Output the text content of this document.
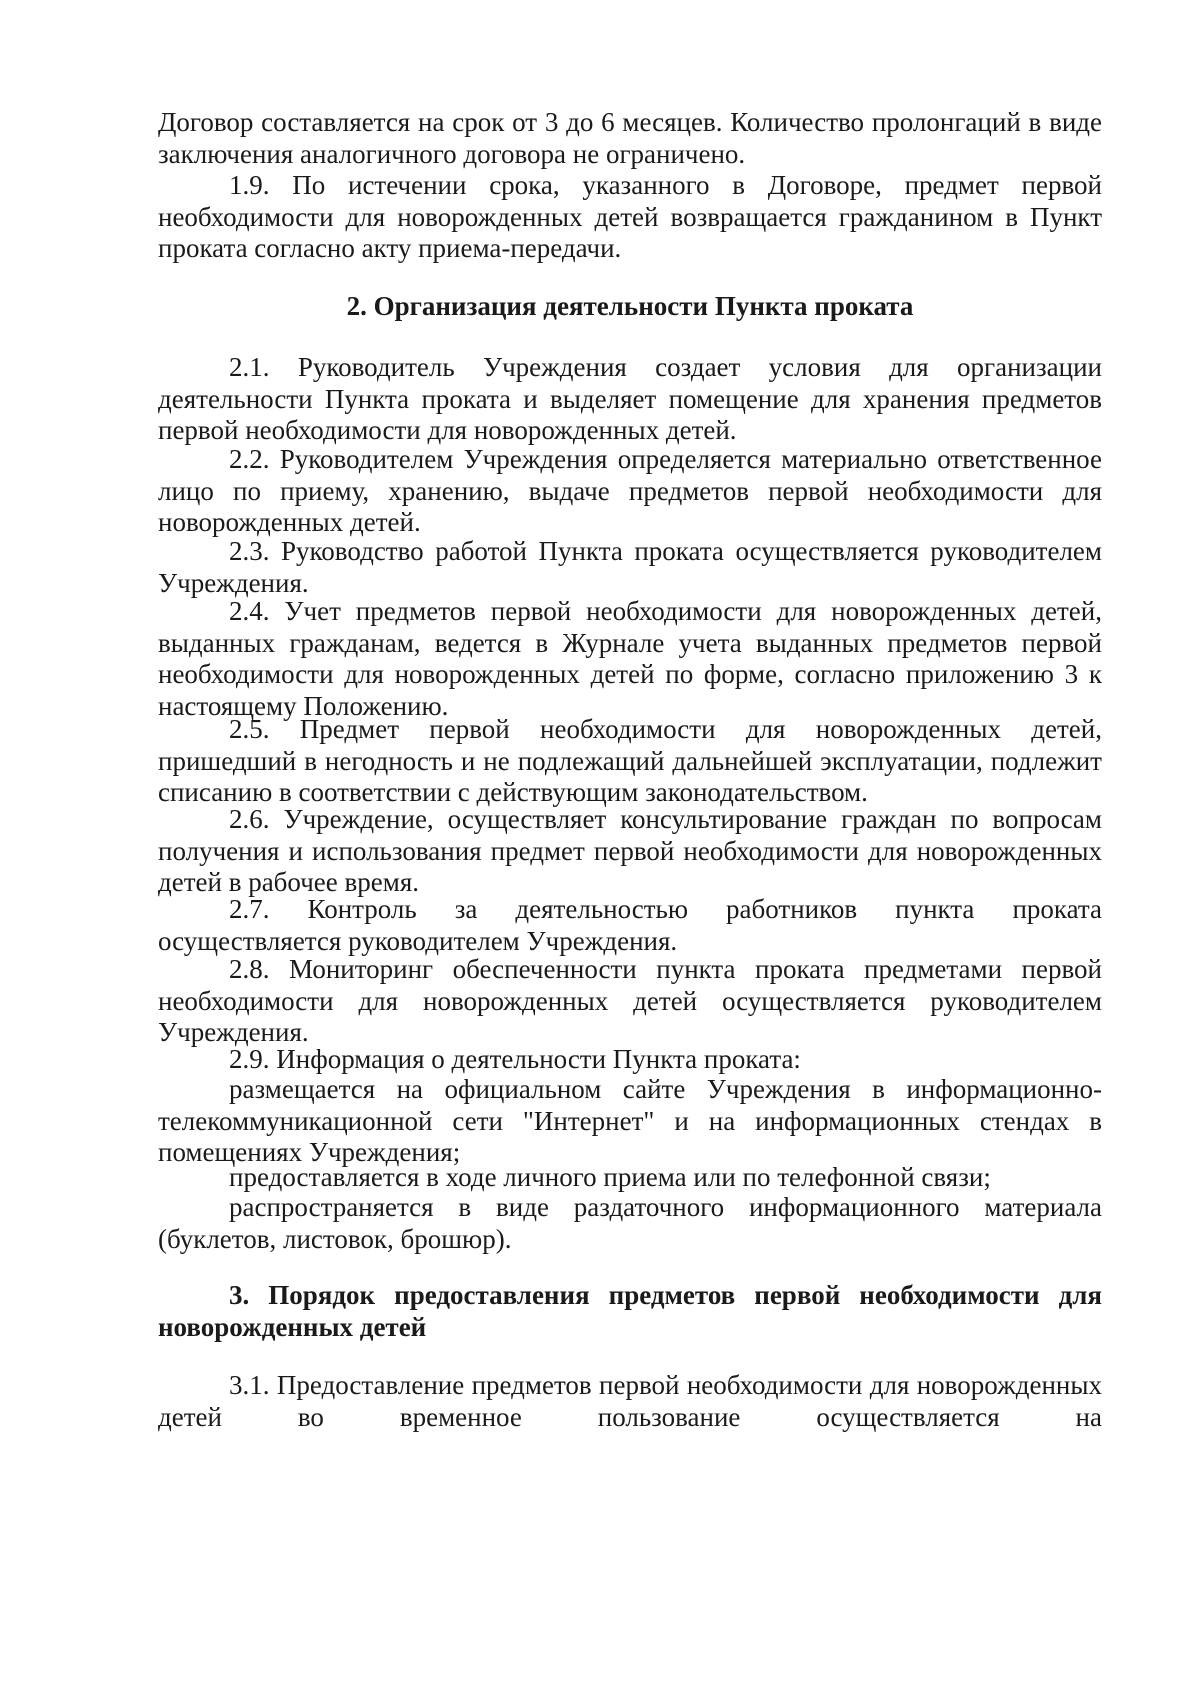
Договор составляется на срок от 3 до 6 месяцев. Количество пролонгаций в виде заключения аналогичного договора не ограничено.

1.9. По истечении срока, указанного в Договоре, предмет первой необходимости для новорожденных детей возвращается гражданином в Пункт проката согласно акту приема-передачи.

2. Организация деятельности Пункта проката

2.1. Руководитель Учреждения создает условия для организации деятельности Пункта проката и выделяет помещение для хранения предметов первой необходимости для новорожденных детей.

2.2. Руководителем Учреждения определяется материально ответственное лицо по приему, хранению, выдаче предметов первой необходимости для новорожденных детей.

2.3. Руководство работой Пункта проката осуществляется руководителем Учреждения.

2.4. Учет предметов первой необходимости для новорожденных детей, выданных гражданам, ведется в Журнале учета выданных предметов первой необходимости для новорожденных детей по форме, согласно приложению 3 к настоящему Положению.

2.5. Предмет первой необходимости для новорожденных детей, пришедший в негодность и не подлежащий дальнейшей эксплуатации, подлежит списанию в соответствии с действующим законодательством.

2.6. Учреждение, осуществляет консультирование граждан по вопросам получения и использования предмет первой необходимости для новорожденных детей в рабочее время.

2.7. Контроль за деятельностью работников пункта проката осуществляется руководителем Учреждения.

2.8. Мониторинг обеспеченности пункта проката предметами первой необходимости для новорожденных детей осуществляется руководителем Учреждения.

2.9. Информация о деятельности Пункта проката:

размещается на официальном сайте Учреждения в информационно-телекоммуникационной сети "Интернет" и на информационных стендах в помещениях Учреждения;

предоставляется в ходе личного приема или по телефонной связи;

распространяется в виде раздаточного информационного материала (буклетов, листовок, брошюр).

3. Порядок предоставления предметов первой необходимости для новорожденных детей

3.1. Предоставление предметов первой необходимости для новорожденных детей во временное пользование осуществляется на
